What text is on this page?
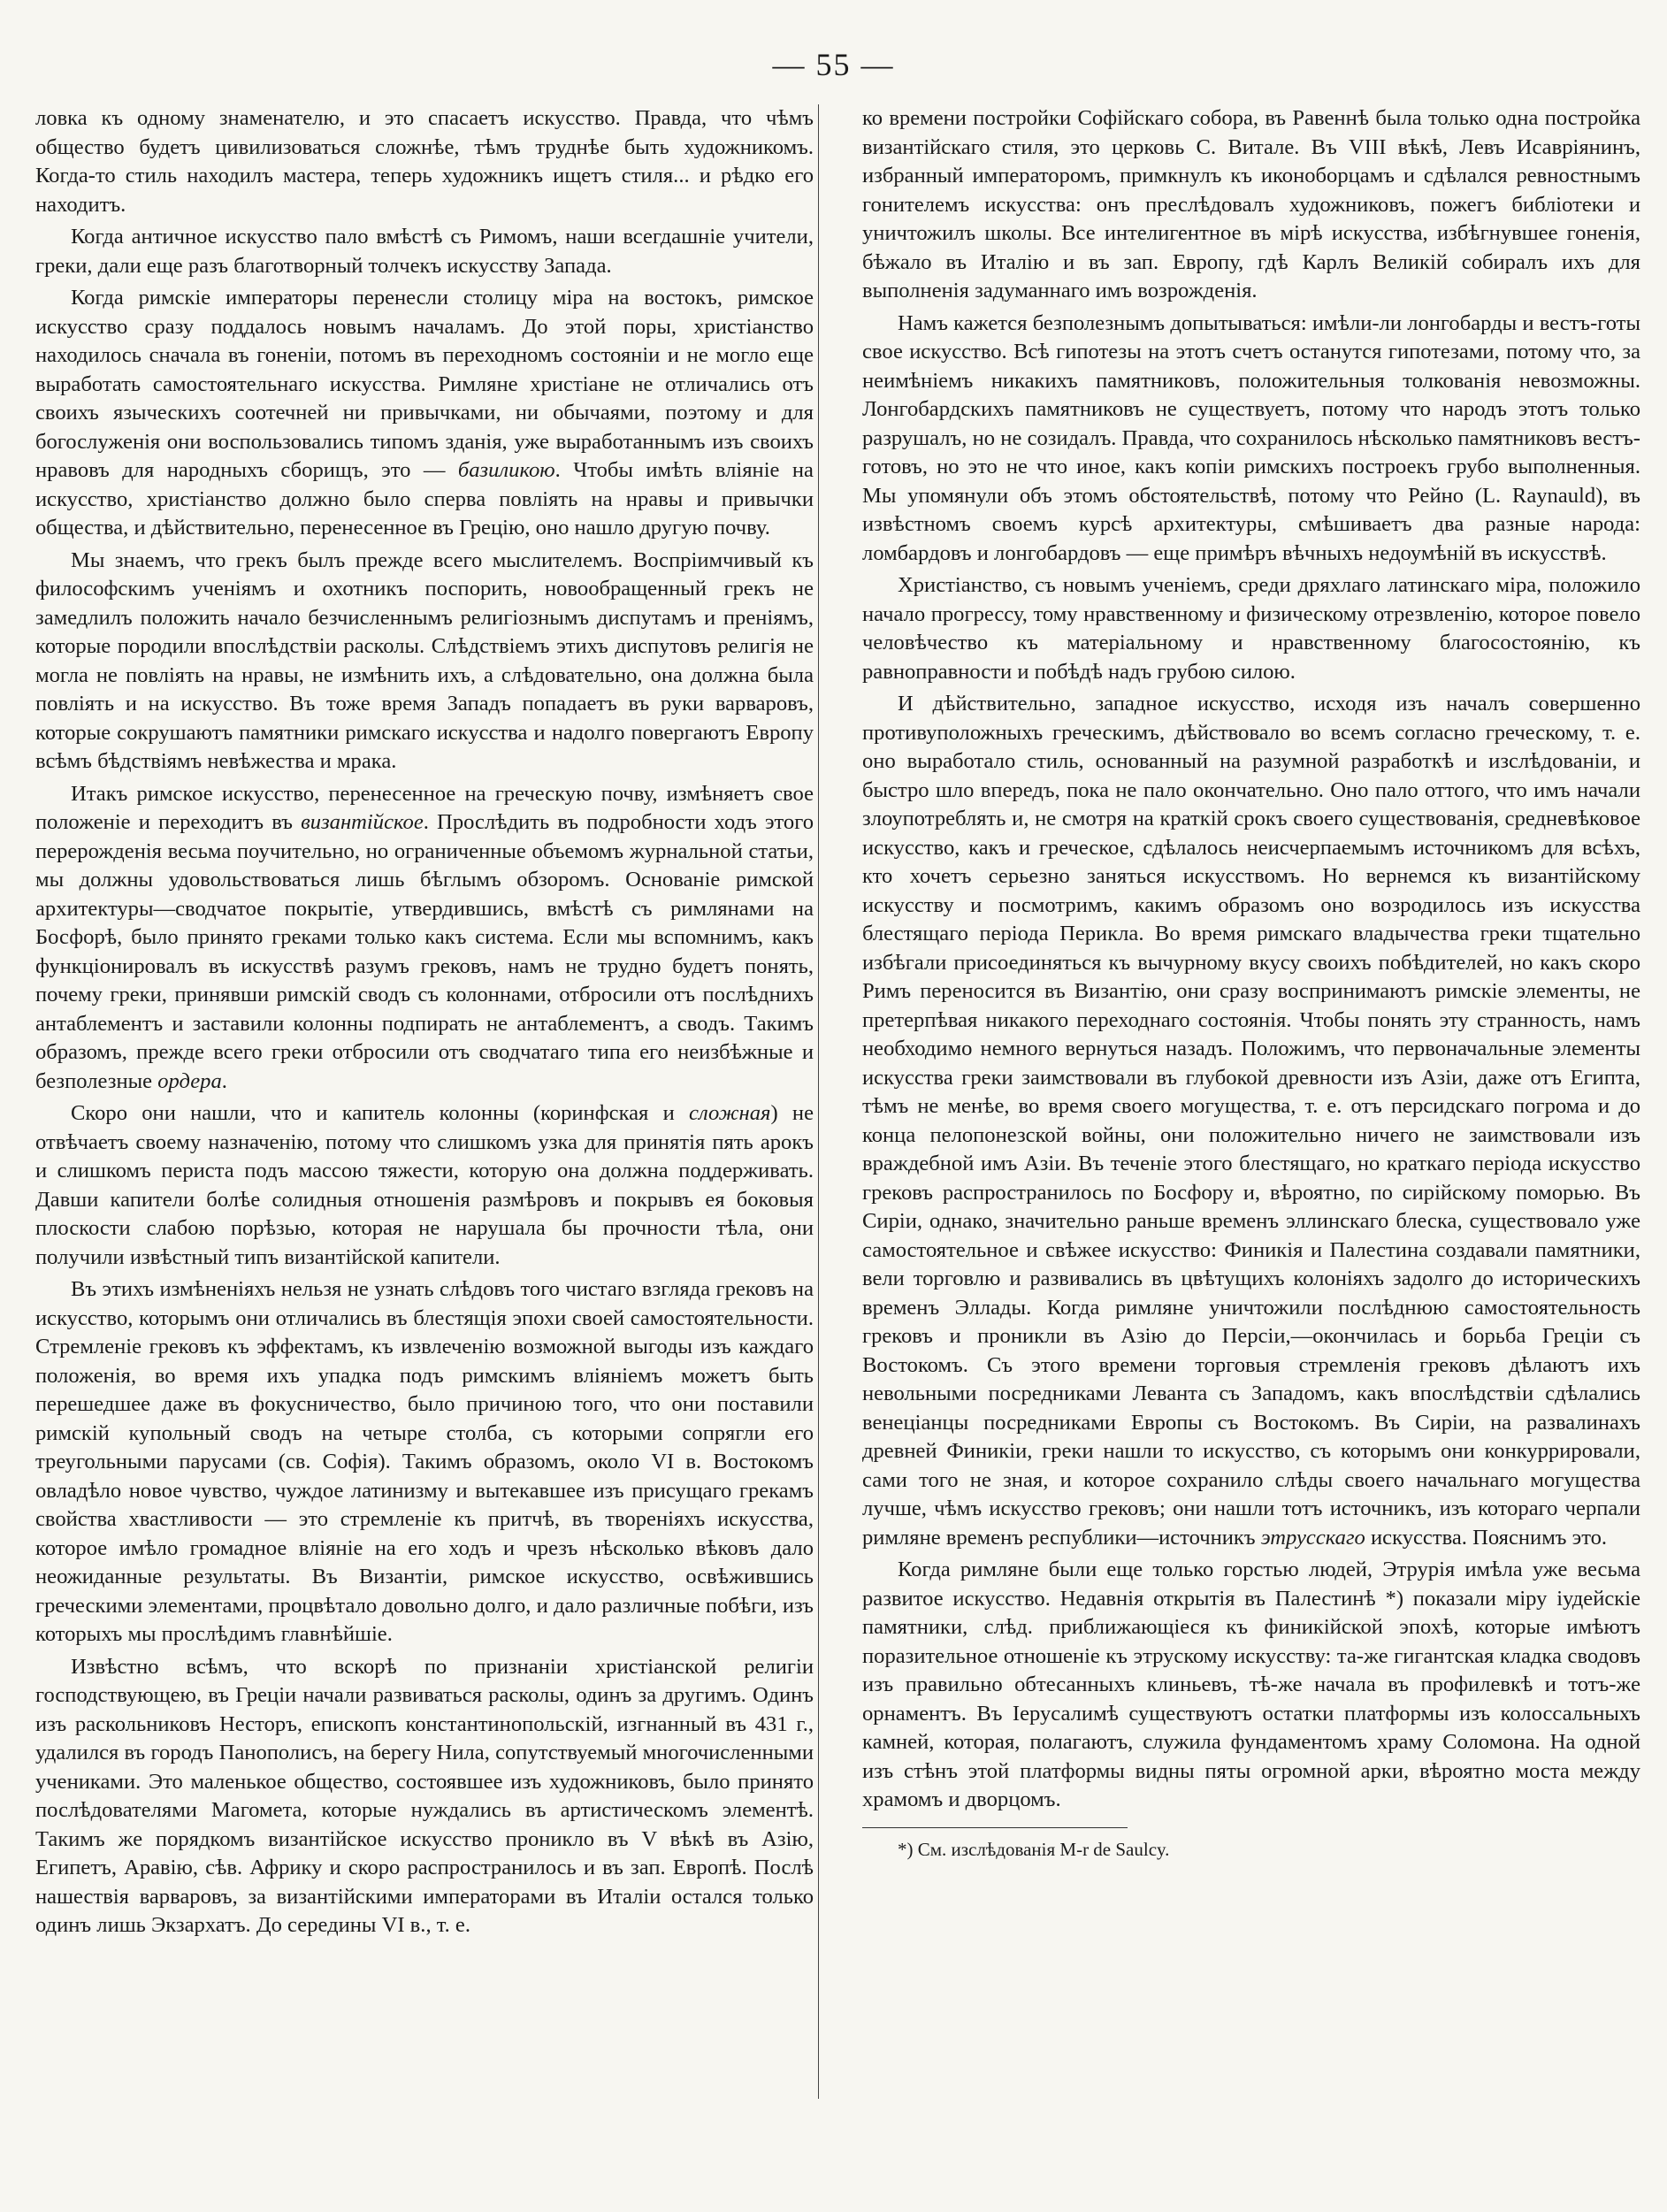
— 55 —

ловка къ одному знаменателю, и это спасаетъ искусство. Правда, что чѣмъ общество будетъ цивилизоваться сложнѣе, тѣмъ труднѣе быть художникомъ. Когда-то стиль находилъ мастера, теперь художникъ ищетъ стиля... и рѣдко его находитъ.

Когда античное искусство пало вмѣстѣ съ Римомъ, наши всегдашніе учители, греки, дали еще разъ благотворный толчекъ искусству Запада.

Когда римскіе императоры перенесли столицу міра на востокъ, римское искусство сразу поддалось новымъ началамъ. До этой поры, христіанство находилось сначала въ гоненіи, потомъ въ переходномъ состояніи и не могло еще выработать самостоятельнаго искусства. Римляне христіане не отличались отъ своихъ языческихъ соотечней ни привычками, ни обычаями, поэтому и для богослуженія они воспользовались типомъ зданія, уже выработаннымъ изъ своихъ нравовъ для народныхъ сборищъ, это — базиликою. Чтобы имѣть вліяніе на искусство, христіанство должно было сперва повліять на нравы и привычки общества, и дѣйствительно, перенесенное въ Грецію, оно нашло другую почву.

Мы знаемъ, что грекъ былъ прежде всего мыслителемъ. Воспріимчивый къ философскимъ ученіямъ и охотникъ поспорить, новообращенный грекъ не замедлилъ положить начало безчисленнымъ религіознымъ диспутамъ и преніямъ, которые породили впослѣдствіи расколы. Слѣдствіемъ этихъ диспутовъ религія не могла не повліять на нравы, не измѣнить ихъ, а слѣдовательно, она должна была повліять и на искусство. Въ тоже время Западъ попадаетъ въ руки варваровъ, которые сокрушаютъ памятники римскаго искусства и надолго повергаютъ Европу всѣмъ бѣдствіямъ невѣжества и мрака.

Итакъ римское искусство, перенесенное на греческую почву, измѣняетъ свое положеніе и переходитъ въ византійское. Прослѣдить въ подробности ходъ этого перерожденія весьма поучительно, но ограниченные объемомъ журнальной статьи, мы должны удовольствоваться лишь бѣглымъ обзоромъ. Основаніе римской архитектуры—сводчатое покрытіе, утвердившись, вмѣстѣ съ римлянами на Босфорѣ, было принято греками только какъ система. Если мы вспомнимъ, какъ функціонировалъ въ искусствѣ разумъ грековъ, намъ не трудно будетъ понять, почему греки, принявши римскій сводъ съ колоннами, отбросили отъ послѣднихъ антаблементъ и заставили колонны подпирать не антаблементъ, а сводъ. Такимъ образомъ, прежде всего греки отбросили отъ сводчатаго типа его неизбѣжные и безполезные ордера.

Скоро они нашли, что и капитель колонны (коринфская и сложная) не отвѣчаетъ своему назначенію, потому что слишкомъ узка для принятія пять арокъ и слишкомъ периста подъ массою тяжести, которую она должна поддерживать. Давши капители болѣе солидныя отношенія размѣровъ и покрывъ ея боковыя плоскости слабою порѣзью, которая не нарушала бы прочности тѣла, они получили извѣстный типъ византійской капители.

Въ этихъ измѣненіяхъ нельзя не узнать слѣдовъ того чистаго взгляда грековъ на искусство, которымъ они отличались въ блестящія эпохи своей самостоятельности. Стремленіе грековъ къ эффектамъ, къ извлеченію возможной выгоды изъ каждаго положенія, во время ихъ упадка подъ римскимъ вліяніемъ можетъ быть перешедшее даже въ фокусничество, было причиною того, что они поставили римскій купольный сводъ на четыре столба, съ которыми сопрягли его треугольными парусами (св. Софія). Такимъ образомъ, около VI в. Востокомъ овладѣло новое чувство, чуждое латинизму и вытекавшее изъ присущаго грекамъ свойства хвастливости — это стремленіе къ притчѣ, въ твореніяхъ искусства, которое имѣло громадное вліяніе на его ходъ и чрезъ нѣсколько вѣковъ дало неожиданные результаты. Въ Византіи, римское искусство, освѣжившись греческими элементами, процвѣтало довольно долго, и дало различные побѣги, изъ которыхъ мы прослѣдимъ главнѣйшіе.

Извѣстно всѣмъ, что вскорѣ по признаніи христіанской религіи господствующею, въ Греціи начали развиваться расколы, одинъ за другимъ. Одинъ изъ раскольниковъ Несторъ, епископъ константинопольскій, изгнанный въ 431 г., удалился въ городъ Панополисъ, на берегу Нила, сопутствуемый многочисленными учениками. Это маленькое общество, состоявшее изъ художниковъ, было принято послѣдователями Магомета, которые нуждались въ артистическомъ элементѣ. Такимъ же порядкомъ византійское искусство проникло въ V вѣкѣ въ Азію, Египетъ, Аравію, сѣв. Африку и скоро распространилось и въ зап. Европѣ. Послѣ нашествія варваровъ, за византійскими императорами въ Италіи остался только одинъ лишь Экзархатъ. До середины VI в., т. е.

ко времени постройки Софійскаго собора, въ Равеннѣ была только одна постройка византійскаго стиля, это церковь С. Витале. Въ VIII вѣкѣ, Левъ Исавріянинъ, избранный императоромъ, примкнулъ къ иконоборцамъ и сдѣлался ревностнымъ гонителемъ искусства: онъ преслѣдовалъ художниковъ, пожегъ библіотеки и уничтожилъ школы. Все интелигентное въ мірѣ искусства, избѣгнувшее гоненія, бѣжало въ Италію и въ зап. Европу, гдѣ Карлъ Великій собиралъ ихъ для выполненія задуманнаго имъ возрожденія.

Намъ кажется безполезнымъ допытываться: имѣли-ли лонгобарды и вестъ-готы свое искусство. Всѣ гипотезы на этотъ счетъ останутся гипотезами, потому что, за неимѣніемъ никакихъ памятниковъ, положительныя толкованія невозможны. Лонгобардскихъ памятниковъ не существуетъ, потому что народъ этотъ только разрушалъ, но не созидалъ. Правда, что сохранилось нѣсколько памятниковъ вестъ-готовъ, но это не что иное, какъ копіи римскихъ построекъ грубо выполненныя. Мы упомянули объ этомъ обстоятельствѣ, потому что Рейно (L. Raynauld), въ извѣстномъ своемъ курсѣ архитектуры, смѣшиваетъ два разные народа: ломбардовъ и лонгобардовъ — еще примѣръ вѣчныхъ недоумѣній въ искусствѣ.

Христіанство, съ новымъ ученіемъ, среди дряхлаго латинскаго міра, положило начало прогрессу, тому нравственному и физическому отрезвленію, которое повело человѣчество къ матеріальному и нравственному благосостоянію, къ равноправности и побѣдѣ надъ грубою силою.

И дѣйствительно, западное искусство, исходя изъ началъ совершенно противуположныхъ греческимъ, дѣйствовало во всемъ согласно греческому, т. е. оно выработало стиль, основанный на разумной разработкѣ и изслѣдованіи, и быстро шло впередъ, пока не пало окончательно. Оно пало оттого, что имъ начали злоупотреблять и, не смотря на краткій срокъ своего существованія, средневѣковое искусство, какъ и греческое, сдѣлалось неисчерпаемымъ источникомъ для всѣхъ, кто хочетъ серьезно заняться искусствомъ. Но вернемся къ византійскому искусству и посмотримъ, какимъ образомъ оно возродилось изъ искусства блестящаго періода Перикла. Во время римскаго владычества греки тщательно избѣгали присоединяться къ вычурному вкусу своихъ побѣдителей, но какъ скоро Римъ переносится въ Византію, они сразу воспринимаютъ римскіе элементы, не претерпѣвая никакого переходнаго состоянія. Чтобы понять эту странность, намъ необходимо немного вернуться назадъ. Положимъ, что первоначальные элементы искусства греки заимствовали въ глубокой древности изъ Азіи, даже отъ Египта, тѣмъ не менѣе, во время своего могущества, т. е. отъ персидскаго погрома и до конца пелопонезской войны, они положительно ничего не заимствовали изъ враждебной имъ Азіи. Въ теченіе этого блестящаго, но краткаго періода искусство грековъ распространилось по Босфору и, вѣроятно, по сирійскому поморью. Въ Сиріи, однако, значительно раньше временъ эллинскаго блеска, существовало уже самостоятельное и свѣжее искусство: Финикія и Палестина создавали памятники, вели торговлю и развивались въ цвѣтущихъ колоніяхъ задолго до историческихъ временъ Эллады. Когда римляне уничтожили послѣднюю самостоятельность грековъ и проникли въ Азію до Персіи,—окончилась и борьба Греціи съ Востокомъ. Съ этого времени торговыя стремленія грековъ дѣлаютъ ихъ невольными посредниками Леванта съ Западомъ, какъ впослѣдствіи сдѣлались венеціанцы посредниками Европы съ Востокомъ. Въ Сиріи, на развалинахъ древней Финикіи, греки нашли то искусство, съ которымъ они конкуррировали, сами того не зная, и которое сохранило слѣды своего начальнаго могущества лучше, чѣмъ искусство грековъ; они нашли тотъ источникъ, изъ котораго черпали римляне временъ республики—источникъ этрусскаго искусства. Пояснимъ это.

Когда римляне были еще только горстью людей, Этрурія имѣла уже весьма развитое искусство. Недавнія открытія въ Палестинѣ *) показали міру іудейскіе памятники, слѣд. приближающіеся къ финикійской эпохѣ, которые имѣютъ поразительное отношеніе къ этрускому искусству: та-же гигантская кладка сводовъ изъ правильно обтесанныхъ клиньевъ, тѣ-же начала въ профилевкѣ и тотъ-же орнаментъ. Въ Іерусалимѣ существуютъ остатки платформы изъ колоссальныхъ камней, которая, полагаютъ, служила фундаментомъ храму Соломона. На одной изъ стѣнъ этой платформы видны пяты огромной арки, вѣроятно моста между храмомъ и дворцомъ.

*) См. изслѣдованія M-r de Saulcy.
